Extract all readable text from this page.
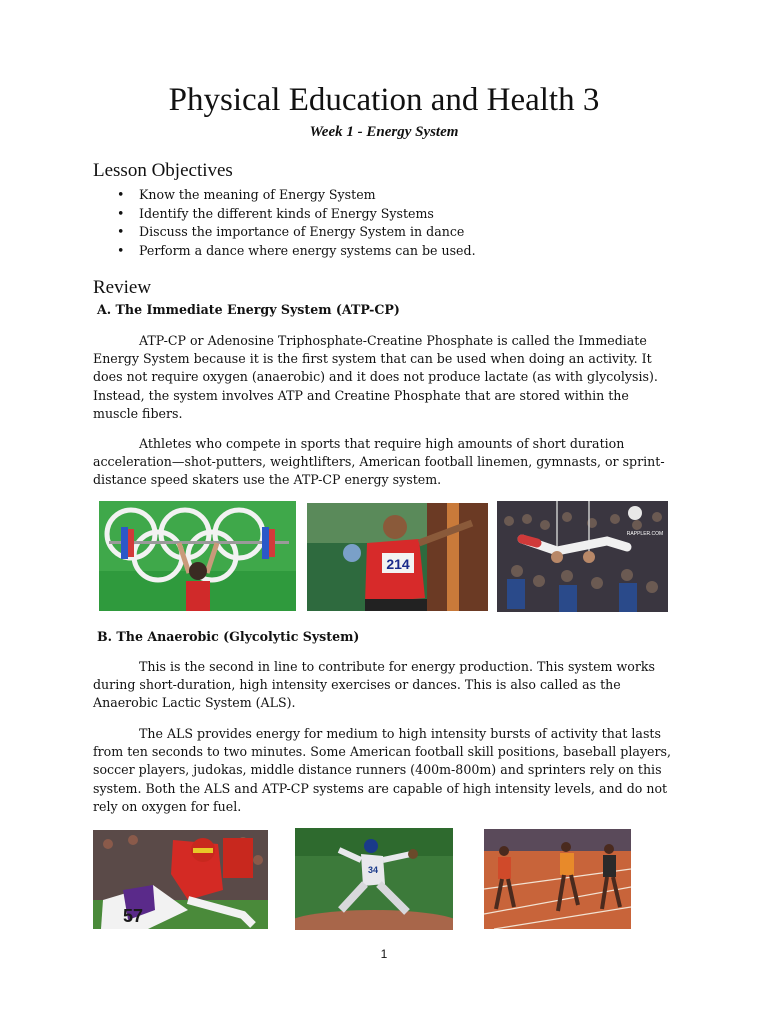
Physical Education and Health 3
Week 1 - Energy System
Lesson Objectives
• Know the meaning of Energy System
• Identify the different kinds of Energy Systems
• Discuss the importance of Energy System in dance
• Perform a dance where energy systems can be used.
Review
A. The Immediate Energy System (ATP-CP)

ATP-CP or Adenosine Triphosphate-Creatine Phosphate is called the Immediate Energy System because it is the first system that can be used when doing an activity. It does not require oxygen (anaerobic) and it does not produce lactate (as with glycolysis). Instead, the system involves ATP and Creatine Phosphate that are stored within the muscle fibers.

Athletes who compete in sports that require high amounts of short duration acceleration—shot-putters, weightlifters, American football linemen, gymnasts, or sprint-distance speed skaters use the ATP-CP energy system.

214
RAPPLER.COM
B. The Anaerobic (Glycolytic System)

This is the second in line to contribute for energy production. This system works during short-duration, high intensity exercises or dances. This is also called as the Anaerobic Lactic System (ALS).

The ALS provides energy for medium to high intensity bursts of activity that lasts from ten seconds to two minutes. Some American football skill positions, baseball players, soccer players, judokas, middle distance runners (400m-800m) and sprinters rely on this system. Both the ALS and ATP-CP systems are capable of high intensity levels, and do not rely on oxygen for fuel.

57
34
1
